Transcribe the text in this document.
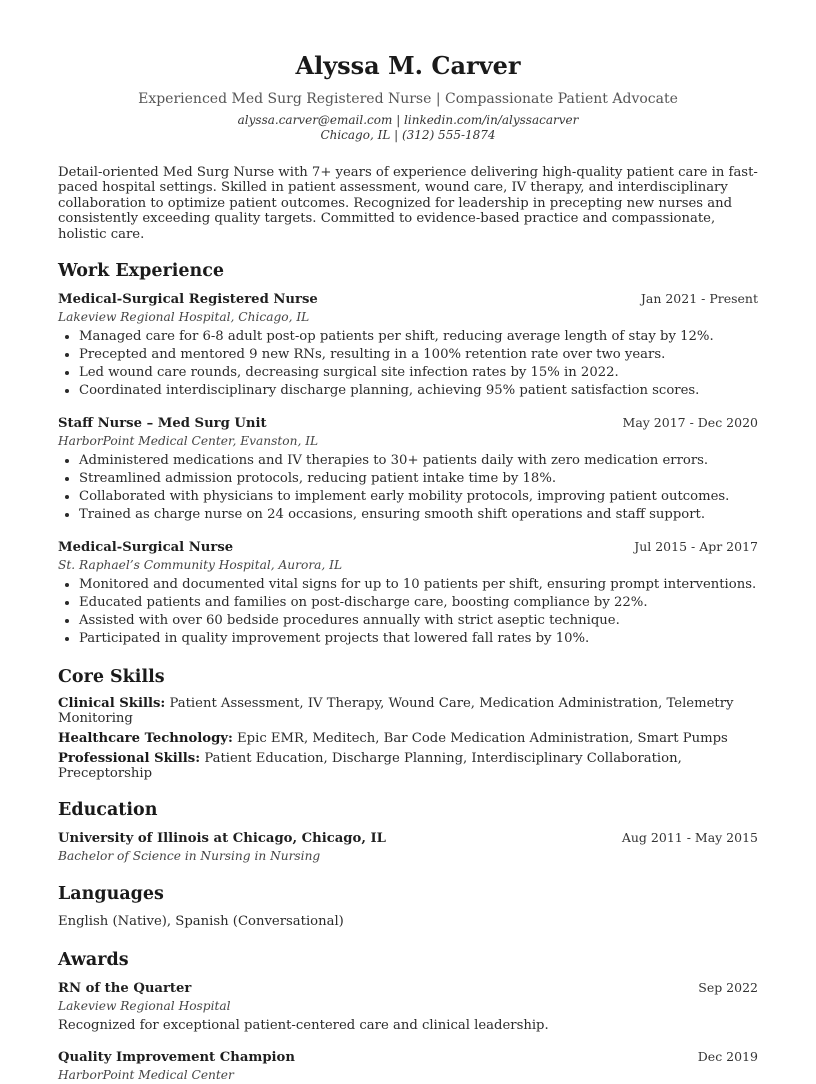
Alyssa M. Carver
Experienced Med Surg Registered Nurse | Compassionate Patient Advocate
alyssa.carver@email.com | linkedin.com/in/alyssacarver
Chicago, IL | (312) 555-1874
Detail-oriented Med Surg Nurse with 7+ years of experience delivering high-quality patient care in fast-paced hospital settings. Skilled in patient assessment, wound care, IV therapy, and interdisciplinary collaboration to optimize patient outcomes. Recognized for leadership in precepting new nurses and consistently exceeding quality targets. Committed to evidence-based practice and compassionate, holistic care.
Work Experience
Medical-Surgical Registered Nurse	Jan 2021 - Present
Lakeview Regional Hospital, Chicago, IL
• Managed care for 6-8 adult post-op patients per shift, reducing average length of stay by 12%.
• Precepted and mentored 9 new RNs, resulting in a 100% retention rate over two years.
• Led wound care rounds, decreasing surgical site infection rates by 15% in 2022.
• Coordinated interdisciplinary discharge planning, achieving 95% patient satisfaction scores.
Staff Nurse – Med Surg Unit	May 2017 - Dec 2020
HarborPoint Medical Center, Evanston, IL
• Administered medications and IV therapies to 30+ patients daily with zero medication errors.
• Streamlined admission protocols, reducing patient intake time by 18%.
• Collaborated with physicians to implement early mobility protocols, improving patient outcomes.
• Trained as charge nurse on 24 occasions, ensuring smooth shift operations and staff support.
Medical-Surgical Nurse	Jul 2015 - Apr 2017
St. Raphael’s Community Hospital, Aurora, IL
• Monitored and documented vital signs for up to 10 patients per shift, ensuring prompt interventions.
• Educated patients and families on post-discharge care, boosting compliance by 22%.
• Assisted with over 60 bedside procedures annually with strict aseptic technique.
• Participated in quality improvement projects that lowered fall rates by 10%.
Core Skills
Clinical Skills: Patient Assessment, IV Therapy, Wound Care, Medication Administration, Telemetry Monitoring
Healthcare Technology: Epic EMR, Meditech, Bar Code Medication Administration, Smart Pumps
Professional Skills: Patient Education, Discharge Planning, Interdisciplinary Collaboration, Preceptorship
Education
University of Illinois at Chicago, Chicago, IL	Aug 2011 - May 2015
Bachelor of Science in Nursing in Nursing
Languages
English (Native), Spanish (Conversational)
Awards
RN of the Quarter	Sep 2022
Lakeview Regional Hospital
Recognized for exceptional patient-centered care and clinical leadership.
Quality Improvement Champion	Dec 2019
HarborPoint Medical Center
